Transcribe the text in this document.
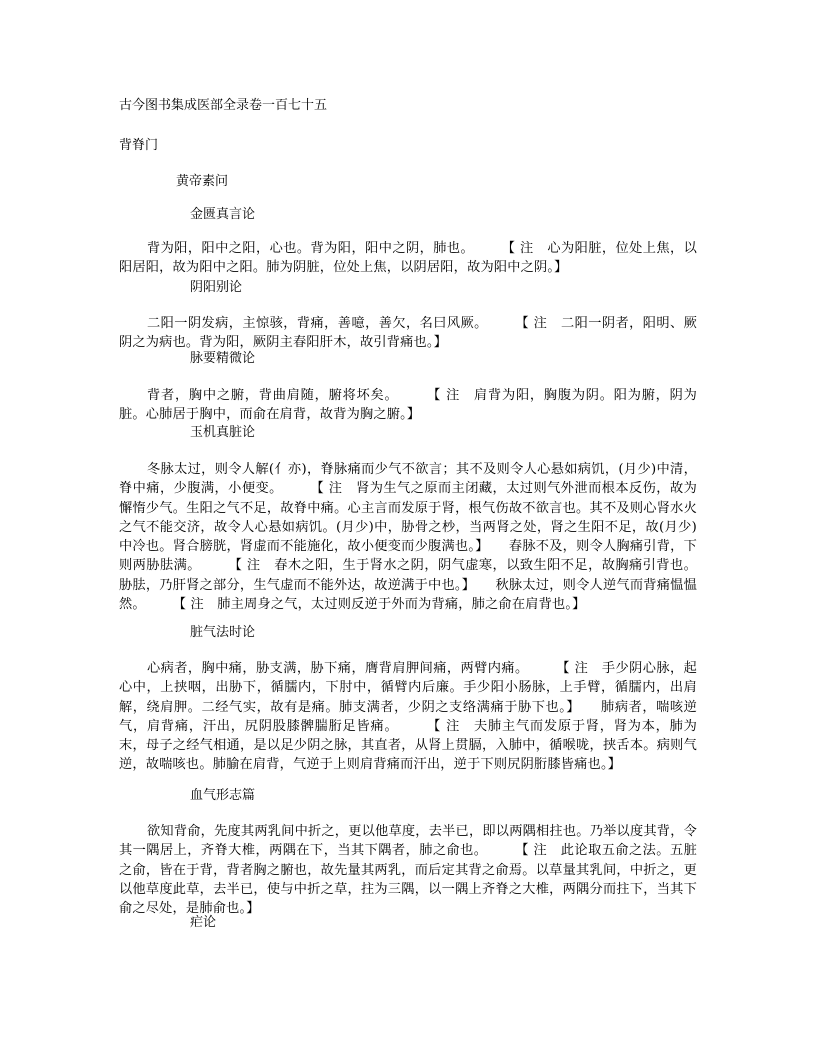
古今图书集成医部全录卷一百七十五
背脊门
黄帝素问
金匮真言论
背为阳，阳中之阳，心也。背为阳，阳中之阴，肺也。　　　【 注　心为阳脏，位处上焦，以阳居阳，故为阳中之阳。肺为阴脏，位处上焦，以阴居阳，故为阳中之阴。】
阴阳别论
二阳一阴发病，主惊骇，背痛，善噫，善欠，名曰风厥。　　　【 注　二阳一阴者，阳明、厥阴之为病也。背为阳，厥阴主春阳肝木，故引背痛也。】
脉要精微论
背者，胸中之腑，背曲肩随，腑将坏矣。　　　【 注　肩背为阳，胸腹为阴。阳为腑，阴为脏。心肺居于胸中，而俞在肩背，故背为胸之腑。】
玉机真脏论
冬脉太过，则令人解(亻亦)，脊脉痛而少气不欲言；其不及则令人心悬如病饥，(月少)中清，脊中痛，少腹满，小便变。　　　【 注　肾为生气之原而主闭藏，太过则气外泄而根本反伤，故为懈惰少气。生阳之气不足，故脊中痛。心主言而发原于肾，根气伤故不欲言也。其不及则心肾水火之气不能交济，故令人心悬如病饥。(月少)中，胁骨之杪，当两肾之处，肾之生阳不足，故(月少)中冷也。肾合膀胱，肾虚而不能施化，故小便变而少腹满也。】　　春脉不及，则令人胸痛引背，下则两胁胠满。　　　【 注　春木之阳，生于肾水之阴，阴气虚寒，以致生阳不足，故胸痛引背也。胁胠，乃肝肾之部分，生气虚而不能外达，故逆满于中也。】　　秋脉太过，则令人逆气而背痛愠愠然。　　　【 注　肺主周身之气，太过则反逆于外而为背痛，肺之俞在肩背也。】
脏气法时论
心病者，胸中痛，胁支满，胁下痛，膺背肩胛间痛，两臂内痛。　　　【 注　手少阴心脉，起心中，上挟咽，出胁下，循臑内，下肘中，循臂内后廉。手少阳小肠脉，上手臂，循臑内，出肩解，绕肩胛。二经气实，故有是痛。肺支满者，少阴之支络满痛于胁下也。】　　肺病者，喘咳逆气，肩背痛，汗出，尻阴股膝髀腨胻足皆痛。　　　【 注　夫肺主气而发原于肾，肾为本，肺为末，母子之经气相通，是以足少阴之脉，其直者，从肾上贯膈，入肺中，循喉咙，挟舌本。病则气逆，故喘咳也。肺腧在肩背，气逆于上则肩背痛而汗出，逆于下则尻阴胻膝皆痛也。】
血气形志篇
欲知背俞，先度其两乳间中折之，更以他草度，去半已，即以两隅相拄也。乃举以度其背，令其一隅居上，齐脊大椎，两隅在下，当其下隅者，肺之俞也。　　　【 注　此论取五俞之法。五脏之俞，皆在于背，背者胸之腑也，故先量其两乳，而后定其背之俞焉。以草量其乳间，中折之，更以他草度此草，去半已，使与中折之草，拄为三隅，以一隅上齐脊之大椎，两隅分而拄下，当其下俞之尽处，是肺俞也。】
疟论
